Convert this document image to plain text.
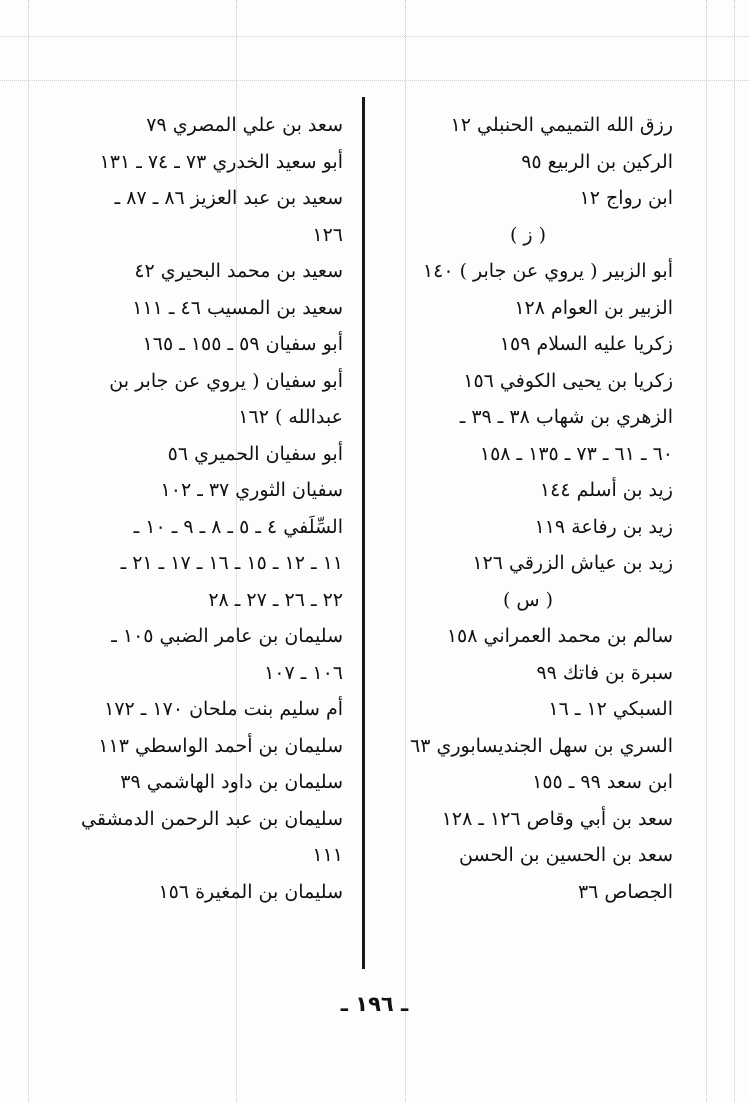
رزق الله التميمي الحنبلي ١٢
الركين بن الربيع ٩٥
ابن رواج ١٢
( ز )
أبو الزبير ( يروي عن جابر ) ١٤٠
الزبير بن العوام ١٢٨
زكريا عليه السلام ١٥٩
زكريا بن يحيى الكوفي ١٥٦
الزهري بن شهاب ٣٨ ـ ٣٩ ـ
٦٠ ـ ٦١ ـ ٧٣ ـ ١٣٥ ـ ١٥٨
زيد بن أسلم ١٤٤
زيد بن رفاعة ١١٩
زيد بن عياش الزرقي ١٢٦
( س )
سالم بن محمد العمراني ١٥٨
سبرة بن فاتك ٩٩
السبكي ١٢ ـ ١٦
السري بن سهل الجنديسابوري ٦٣
ابن سعد ٩٩ ـ ١٥٥
سعد بن أبي وقاص ١٢٦ ـ ١٢٨
سعد بن الحسين بن الحسن
الجصاص ٣٦
سعد بن علي المصري ٧٩
أبو سعيد الخدري ٧٣ ـ ٧٤ ـ ١٣١
سعيد بن عبد العزيز ٨٦ ـ ٨٧ ـ
١٢٦
سعيد بن محمد البحيري ٤٢
سعيد بن المسيب ٤٦ ـ ١١١
أبو سفيان ٥٩ ـ ١٥٥ ـ ١٦٥
أبو سفيان ( يروي عن جابر بن
عبدالله ) ١٦٢
أبو سفيان الحميري ٥٦
سفيان الثوري ٣٧ ـ ١٠٢
السِّلَفي ٤ ـ ٥ ـ ٨ ـ ٩ ـ ١٠ ـ
١١ ـ ١٢ ـ ١٥ ـ ١٦ ـ ١٧ ـ ٢١ ـ
٢٢ ـ ٢٦ ـ ٢٧ ـ ٢٨
سليمان بن عامر الضبي ١٠٥ ـ
١٠٦ ـ ١٠٧
أم سليم بنت ملحان ١٧٠ ـ ١٧٢
سليمان بن أحمد الواسطي ١١٣
سليمان بن داود الهاشمي ٣٩
سليمان بن عبد الرحمن الدمشقي
١١١
سليمان بن المغيرة ١٥٦
ـ ١٩٦ ـ
